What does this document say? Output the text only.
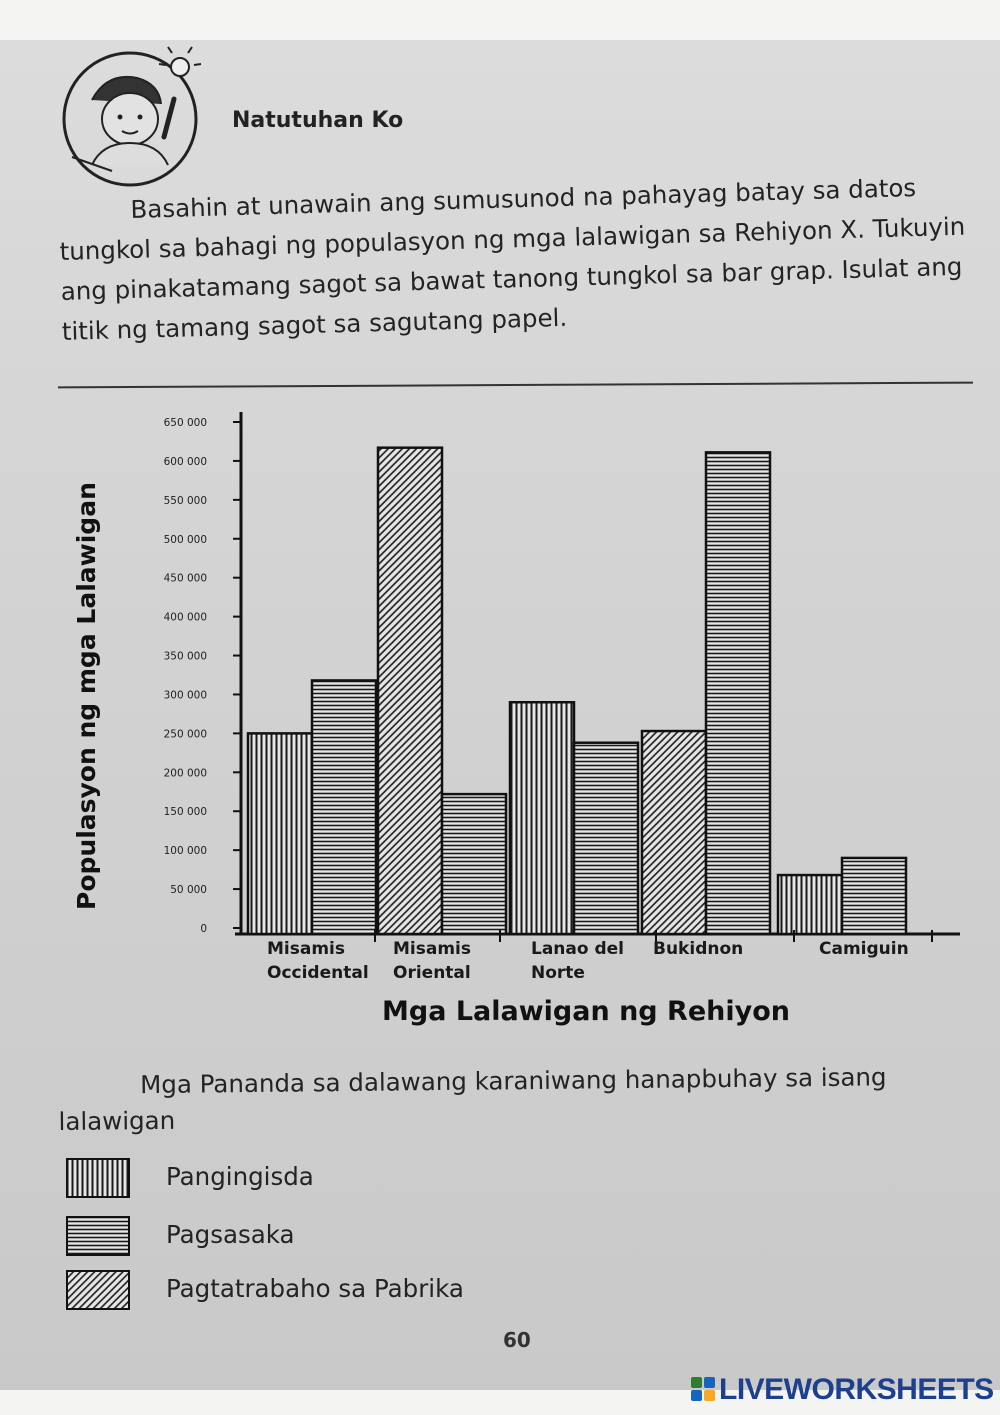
Natutuhan Ko
Basahin at unawain ang sumusunod na pahayag batay sa datos tungkol sa bahagi ng populasyon ng mga lalawigan sa Rehiyon X. Tukuyin ang pinakatamang sagot sa bawat tanong tungkol sa bar grap. Isulat ang titik ng tamang sagot sa sagutang papel.
0
50 000
100 000
150 000
200 000
250 000
300 000
350 000
400 000
450 000
500 000
550 000
600 000
650 000
Misamis Occidental
Misamis Oriental
Lanao del Norte
Bukidnon	Camiguin
Populasyon ng mga Lalawigan
Mga Lalawigan ng Rehiyon
Mga Pananda sa dalawang karaniwang hanapbuhay sa isang lalawigan
Pangingisda
Pagsasaka
Pagtatrabaho sa Pabrika
60
LIVEWORKSHEETS
